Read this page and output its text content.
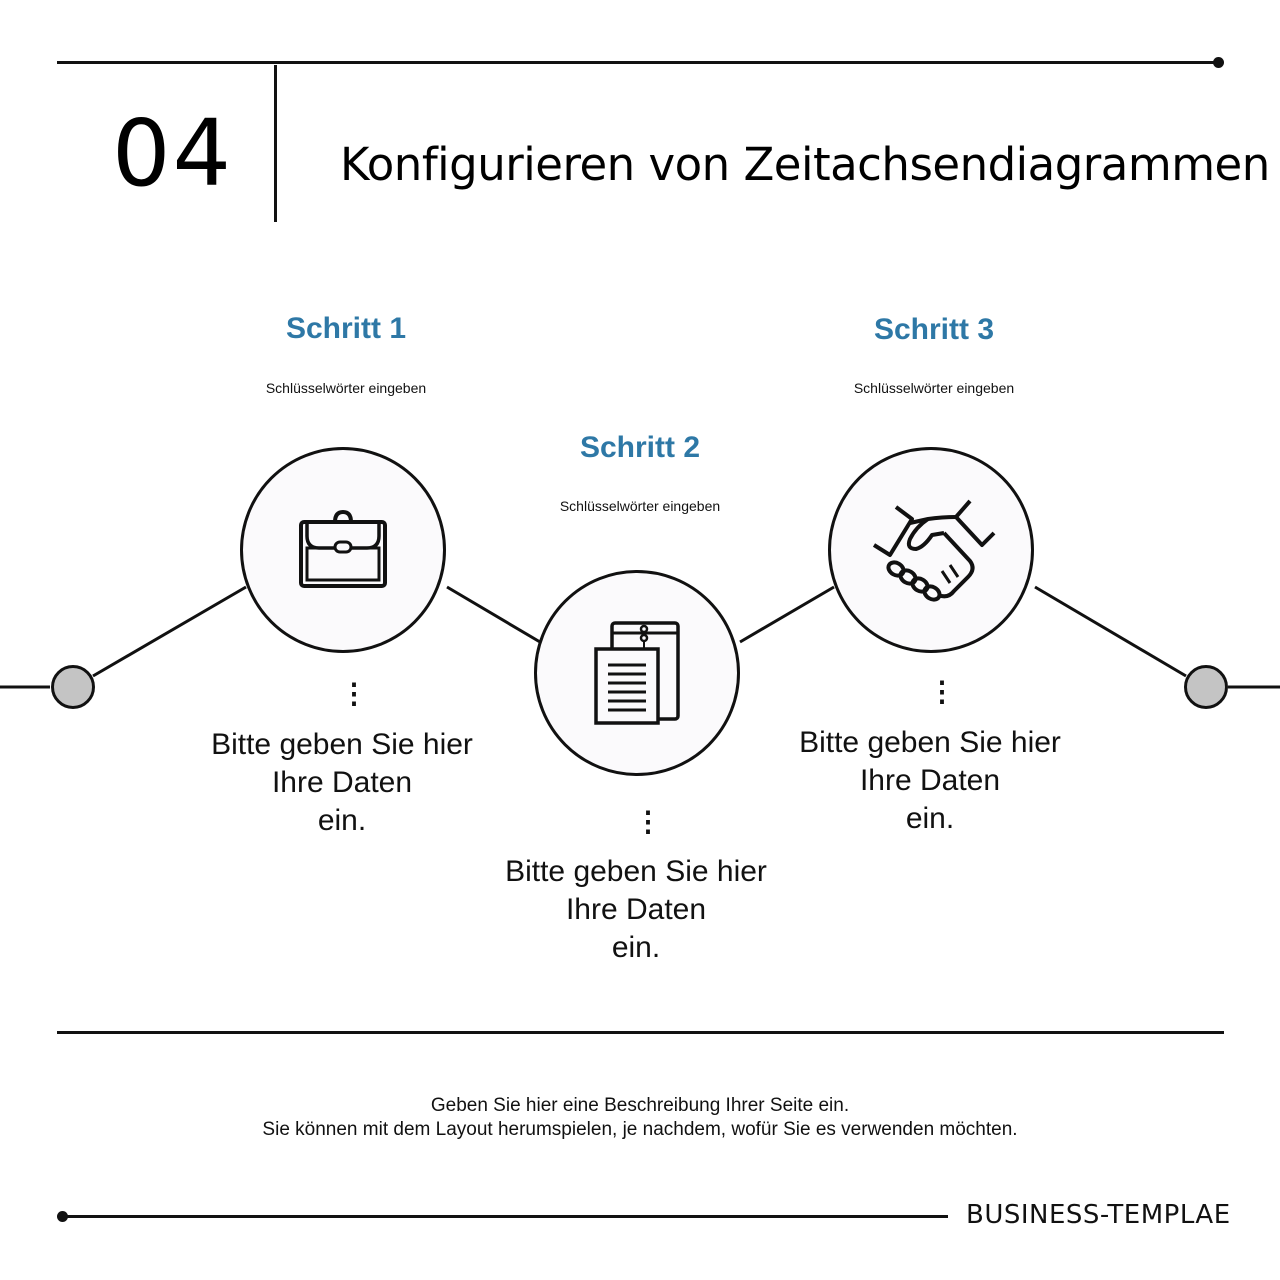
04 Konfigurieren von Zeitachsendiagrammen
Schritt 1
Schlüsselwörter eingeben
⋮
Bitte geben Sie hier
Ihre Daten
ein.
Schritt 2
Schlüsselwörter eingeben
⋮
Bitte geben Sie hier
Ihre Daten
ein.
Schritt 3
Schlüsselwörter eingeben
⋮
Bitte geben Sie hier
Ihre Daten
ein.
Geben Sie hier eine Beschreibung Ihrer Seite ein.
Sie können mit dem Layout herumspielen, je nachdem, wofür Sie es verwenden möchten.
BUSINESS-TEMPLAE
